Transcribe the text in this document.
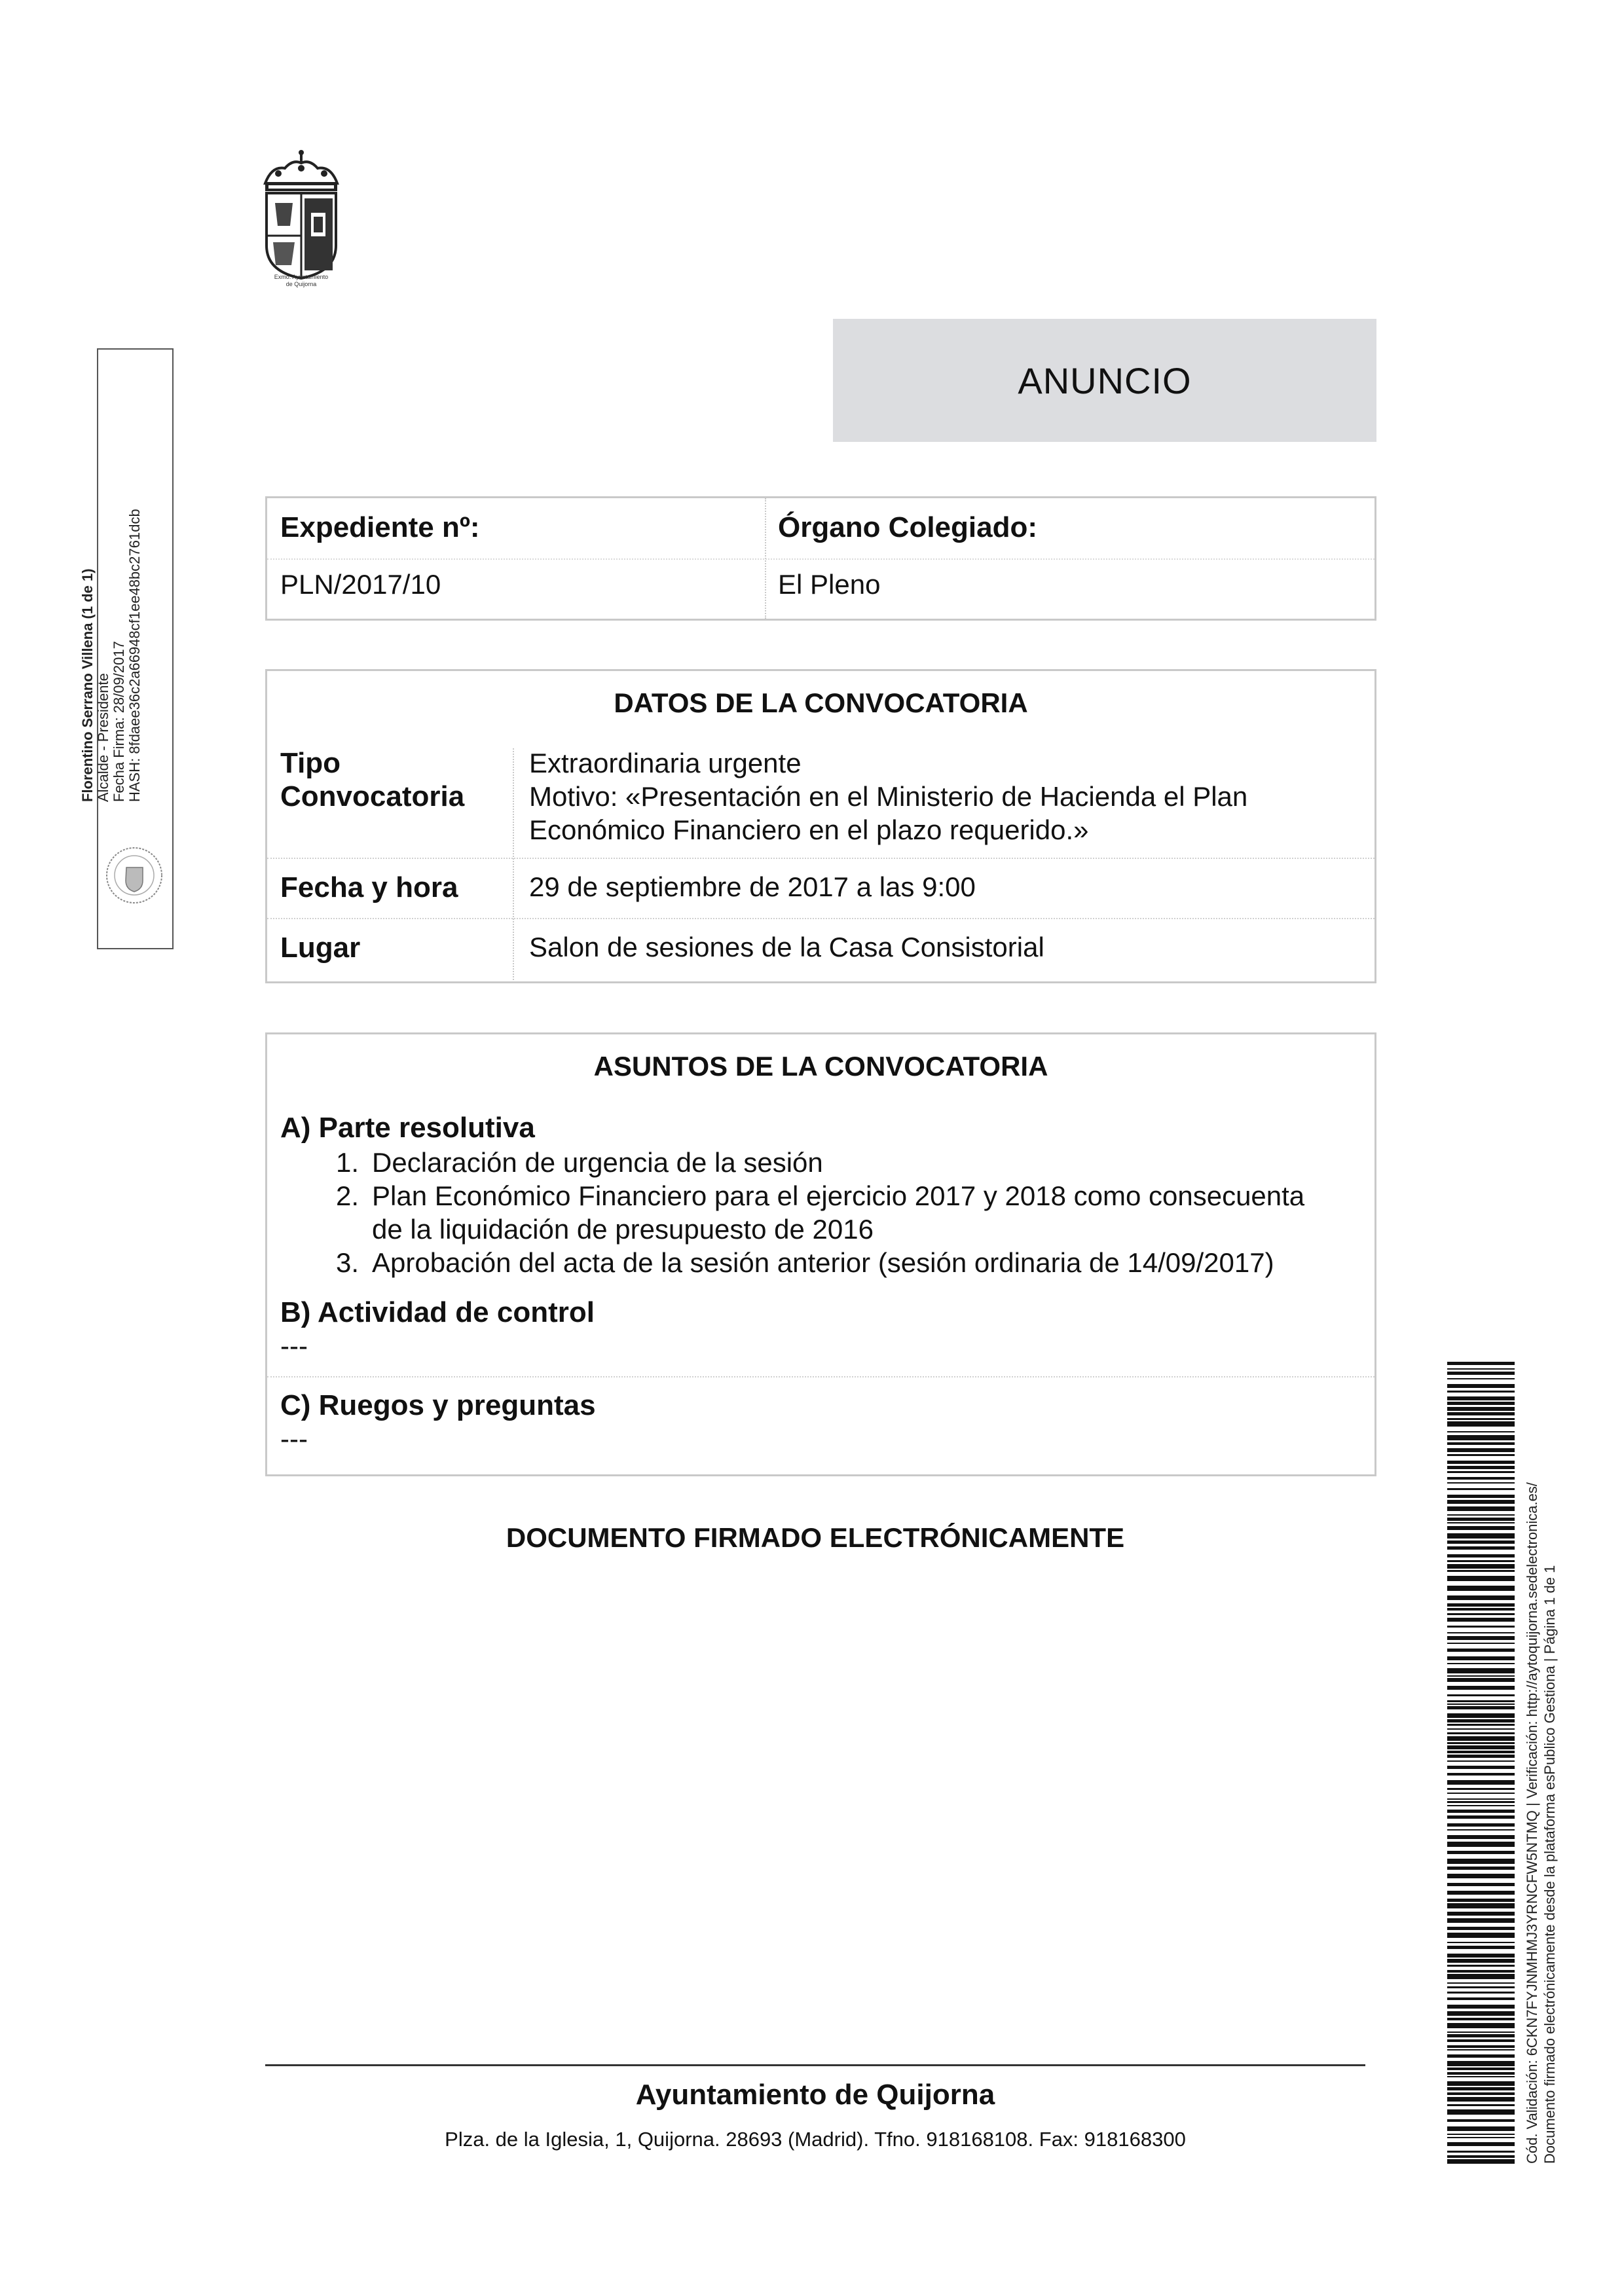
Exmo. Ayuntamiento
de Quijorna
ANUNCIO
Expediente nº:
PLN/2017/10
Órgano Colegiado:
El Pleno
DATOS DE LA CONVOCATORIA
Tipo
Convocatoria
Extraordinaria urgente
Motivo: «Presentación en el Ministerio de Hacienda el Plan
Económico Financiero en el plazo requerido.»
Fecha y hora	29 de septiembre de 2017 a las 9:00
Lugar	Salon de sesiones de la Casa Consistorial
ASUNTOS DE LA CONVOCATORIA
A) Parte resolutiva
1. Declaración de urgencia de la sesión
2. Plan Económico Financiero para el ejercicio 2017 y 2018 como consecuenta
de la liquidación de presupuesto de 2016
3. Aprobación del acta de la sesión anterior (sesión ordinaria de 14/09/2017)
B) Actividad de control
---
C) Ruegos y preguntas
---
DOCUMENTO FIRMADO ELECTRÓNICAMENTE
Florentino Serrano Villena (1 de 1) Alcalde - Presidente Fecha Firma: 28/09/2017 HASH: 8fdaee36c2a66948cf1ee48bc2761dcb
Cód. Validación: 6CKN7FYJNMHMJ3YRNCFW5NTMQ | Verificación: http://aytoquijorna.sedelectronica.es/ Documento firmado electrónicamente desde la plataforma esPublico Gestiona | Página 1 de 1
Ayuntamiento de Quijorna
Plza. de la Iglesia, 1, Quijorna. 28693 (Madrid). Tfno. 918168108. Fax: 918168300
